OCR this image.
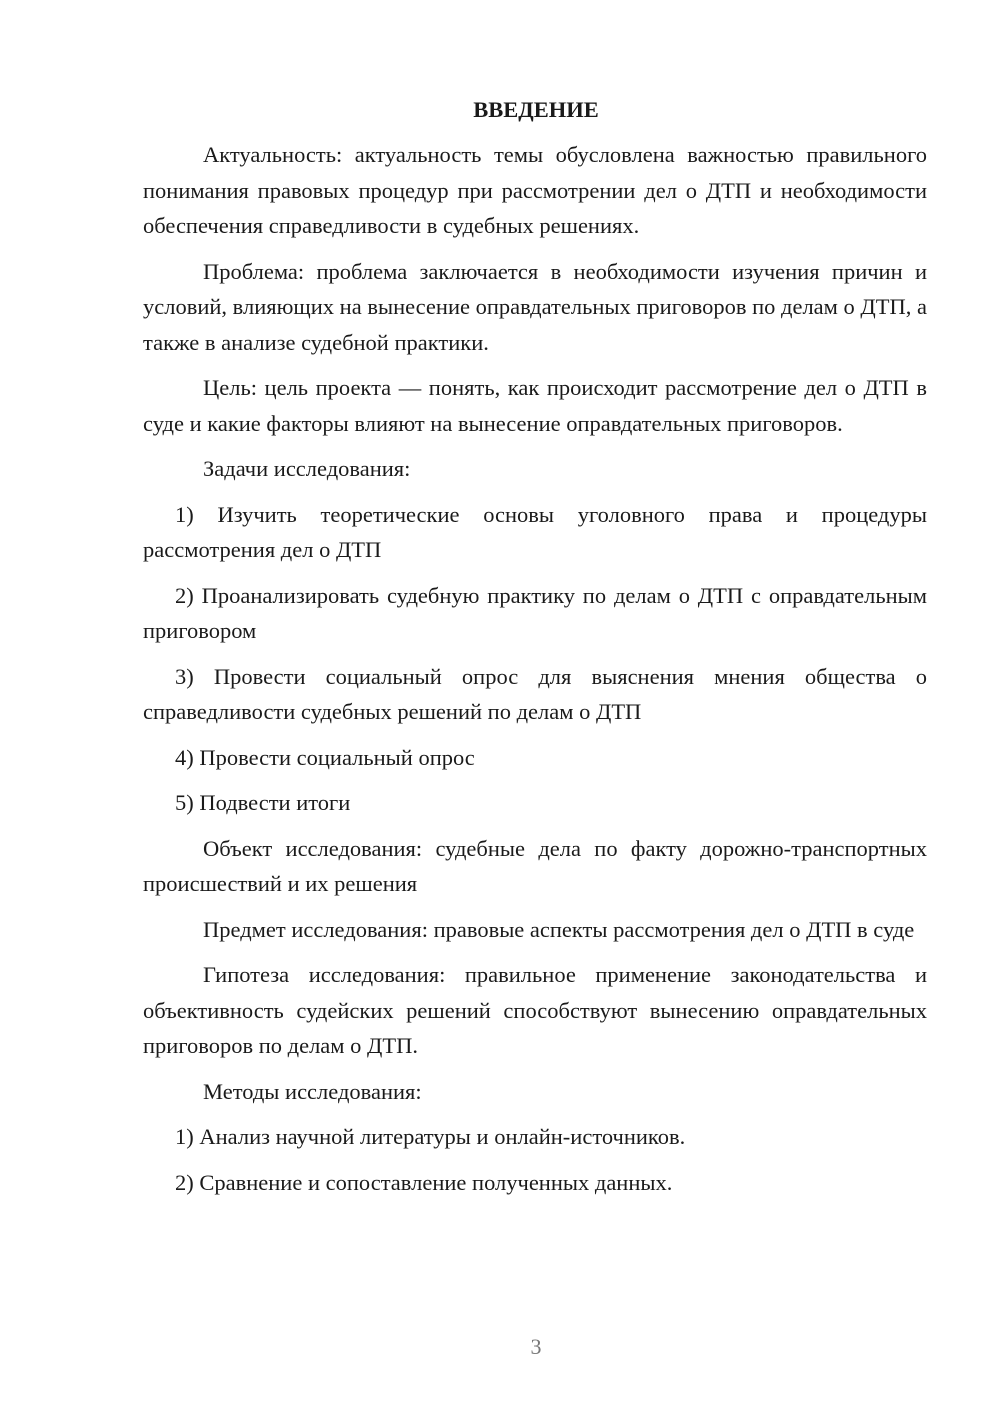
ВВЕДЕНИЕ

Актуальность: актуальность темы обусловлена важностью правильного понимания правовых процедур при рассмотрении дел о ДТП и необходимости обеспечения справедливости в судебных решениях.

Проблема: проблема заключается в необходимости изучения причин и условий, влияющих на вынесение оправдательных приговоров по делам о ДТП, а также в анализе судебной практики.

Цель: цель проекта — понять, как происходит рассмотрение дел о ДТП в суде и какие факторы влияют на вынесение оправдательных приговоров.

Задачи исследования:

1) Изучить теоретические основы уголовного права и процедуры рассмотрения дел о ДТП

2) Проанализировать судебную практику по делам о ДТП с оправдательным приговором

3) Провести социальный опрос для выяснения мнения общества о справедливости судебных решений по делам о ДТП

4) Провести социальный опрос

5) Подвести итоги

Объект исследования: судебные дела по факту дорожно-транспортных происшествий и их решения

Предмет исследования: правовые аспекты рассмотрения дел о ДТП в суде

Гипотеза исследования: правильное применение законодательства и объективность судейских решений способствуют вынесению оправдательных приговоров по делам о ДТП.

Методы исследования:

1) Анализ научной литературы и онлайн-источников.

2) Сравнение и сопоставление полученных данных.

3
